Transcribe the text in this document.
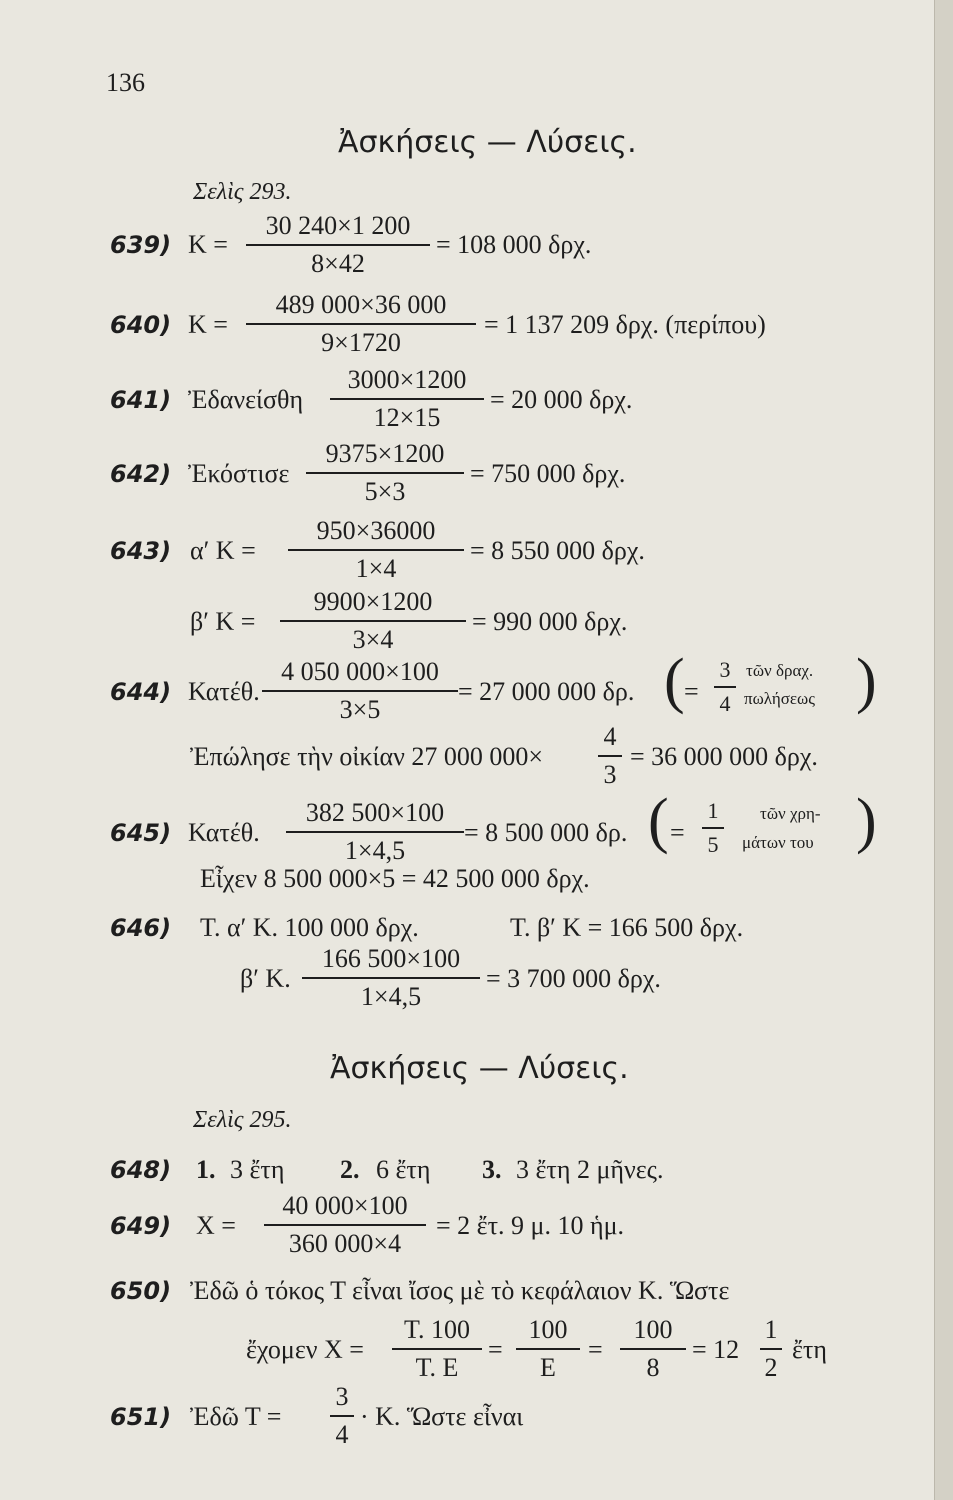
136
Ἀσκήσεις — Λύσεις.
Σελὶς 293.
639) Κ =
30 240×1 200
8×42
= 108 000 δρχ.
640) Κ =
489 000×36 000
9×1720
= 1 137 209 δρχ. (περίπου)
641) Ἐδανείσθη
3000×1200
12×15
= 20 000 δρχ.
642) Ἐκόστισε
9375×1200
5×3
= 750 000 δρχ.
643) α′ Κ =
950×36000
1×4
= 8 550 000 δρχ.
β′ Κ =
9900×1200
3×4
= 990 000 δρχ.
644) Κατέθ.
4 050 000×100
3×5
= 27 000 000 δρ. ( =
3
4
τῶν δραχ.
πωλήσεως )
Ἐπώλησε τὴν οἰκίαν 27 000 000×
4
3
= 36 000 000 δρχ.
645) Κατέθ.
382 500×100
1×4,5
= 8 500 000 δρ. ( =
1
5
τῶν χρη-
μάτων του )
Εἶχεν 8 500 000×5 = 42 500 000 δρχ.
646) Τ. α′ Κ. 100 000 δρχ.	Τ. β′ Κ = 166 500 δρχ.
β′ Κ.
166 500×100
1×4,5
= 3 700 000 δρχ.
Ἀσκήσεις — Λύσεις.
Σελὶς 295.
648) 1. 3 ἔτη 2. 6 ἔτη 3. 3 ἔτη 2 μῆνες.
649) Χ =
40 000×100
360 000×4
= 2 ἔτ. 9 μ. 10 ἡμ.
650) Ἐδῶ ὁ τόκος Τ εἶναι ἴσος μὲ τὸ κεφάλαιον Κ. Ὥστε
ἔχομεν Χ =
Τ. 100
Τ. Ε
=
100
Ε
=
100
8
= 12
1
2
ἔτη
651) Ἐδῶ Τ =
3
4
· Κ. Ὥστε εἶναι
